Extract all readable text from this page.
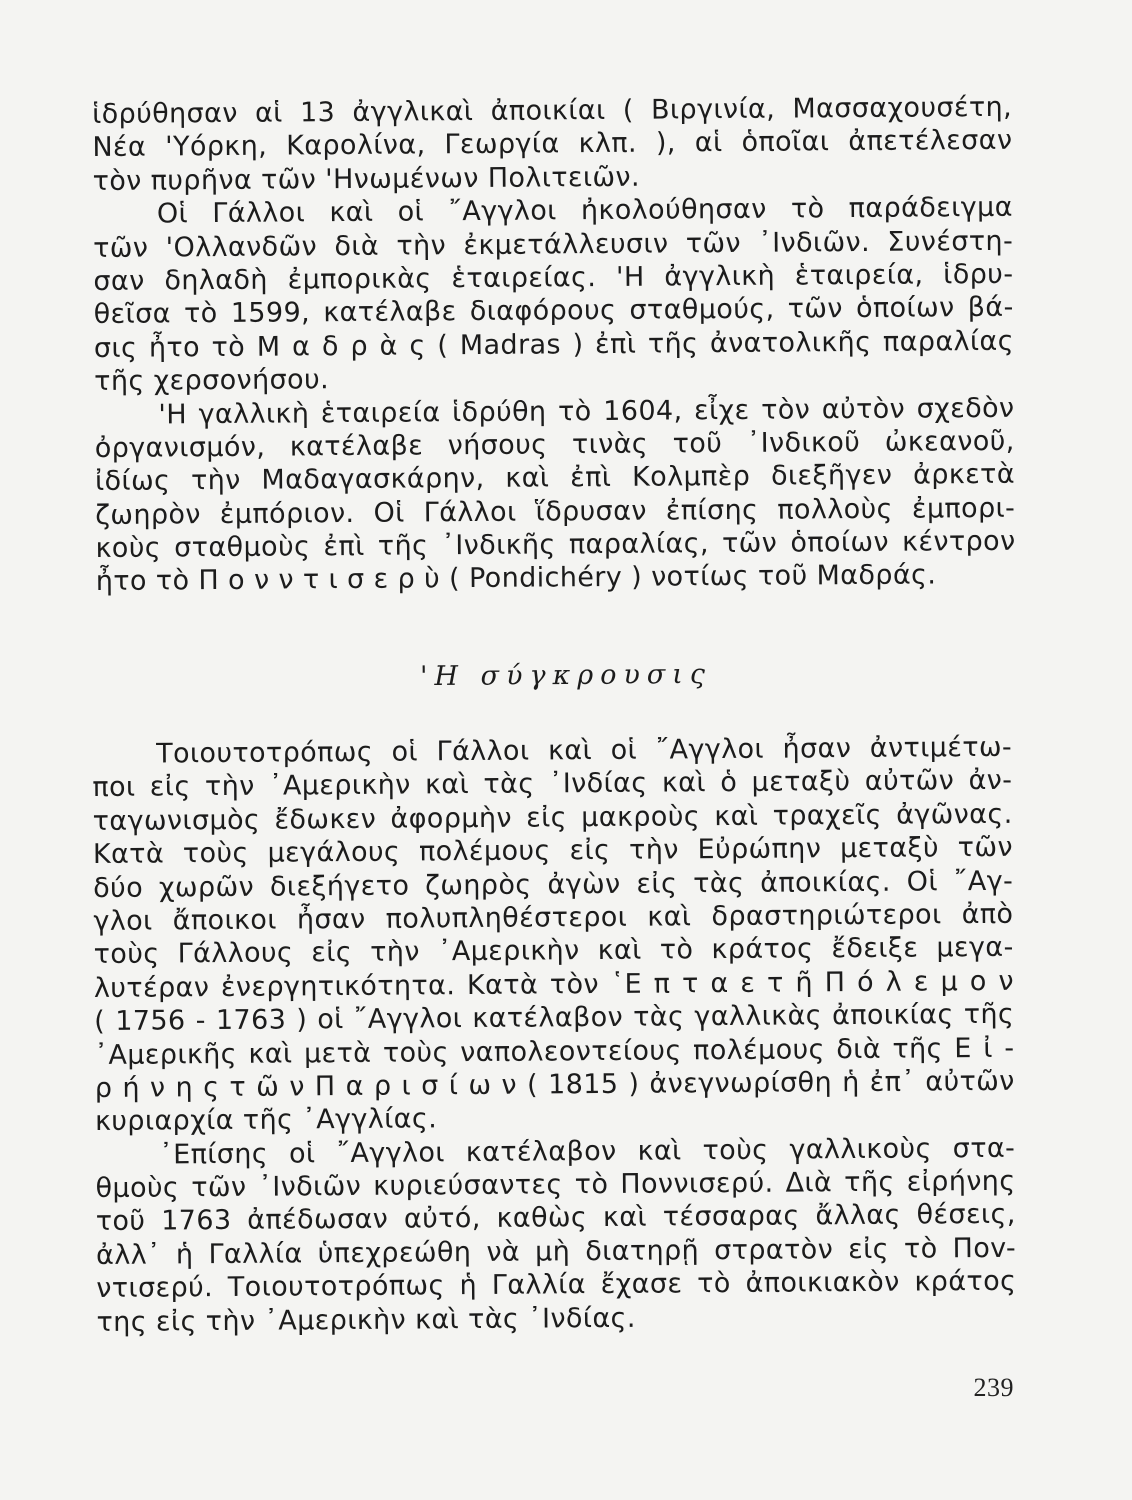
ἱδρύθησαν αἱ 13 ἀγγλικαὶ ἀποικίαι ( Βιργινία, Μασσαχουσέτη,
Νέα 'Υόρκη, Καρολίνα, Γεωργία κλπ. ), αἱ ὁποῖαι ἀπετέλεσαν
τὸν πυρῆνα τῶν 'Ηνωμένων Πολιτειῶν.
Οἱ Γάλλοι καὶ οἱ ῎Αγγλοι ἠκολούθησαν τὸ παράδειγμα
τῶν 'Ολλανδῶν διὰ τὴν ἐκμετάλλευσιν τῶν ᾽Ινδιῶν. Συνέστη-
σαν δηλαδὴ ἐμπορικὰς ἑταιρείας. 'Η ἀγγλικὴ ἑταιρεία, ἱδρυ-
θεῖσα τὸ 1599, κατέλαβε διαφόρους σταθμούς, τῶν ὁποίων βά-
σις ἦτο τὸ Μ α δ ρ ὰ ς ( Madras ) ἐπὶ τῆς ἀνατολικῆς παραλίας
τῆς χερσονήσου.
'Η γαλλικὴ ἑταιρεία ἱδρύθη τὸ 1604, εἶχε τὸν αὐτὸν σχεδὸν
ὀργανισμόν, κατέλαβε νήσους τινὰς τοῦ ᾽Ινδικοῦ ὠκεανοῦ,
ἰδίως τὴν Μαδαγασκάρην, καὶ ἐπὶ Κολμπὲρ διεξῆγεν ἀρκετὰ
ζωηρὸν ἐμπόριον. Οἱ Γάλλοι ἵδρυσαν ἐπίσης πολλοὺς ἐμπορι-
κοὺς σταθμοὺς ἐπὶ τῆς ᾽Ινδικῆς παραλίας, τῶν ὁποίων κέντρον
ἦτο τὸ Π ο ν ν τ ι σ ε ρ ὺ ( Pondichéry ) νοτίως τοῦ Μαδράς.
'Η σύγκρουσις
Τοιουτοτρόπως οἱ Γάλλοι καὶ οἱ ῎Αγγλοι ἦσαν ἀντιμέτω-
ποι εἰς τὴν ᾽Αμερικὴν καὶ τὰς ᾽Ινδίας καὶ ὁ μεταξὺ αὐτῶν ἀν-
ταγωνισμὸς ἔδωκεν ἀφορμὴν εἰς μακροὺς καὶ τραχεῖς ἀγῶνας.
Κατὰ τοὺς μεγάλους πολέμους εἰς τὴν Εὐρώπην μεταξὺ τῶν
δύο χωρῶν διεξήγετο ζωηρὸς ἀγὼν εἰς τὰς ἀποικίας. Οἱ ῎Αγ-
γλοι ἄποικοι ἦσαν πολυπληθέστεροι καὶ δραστηριώτεροι ἀπὸ
τοὺς Γάλλους εἰς τὴν ᾽Αμερικὴν καὶ τὸ κράτος ἔδειξε μεγα-
λυτέραν ἐνεργητικότητα. Κατὰ τὸν ῾Ε π τ α ε τ ῆ Π ό λ ε μ ο ν
( 1756 - 1763 ) οἱ ῎Αγγλοι κατέλαβον τὰς γαλλικὰς ἀποικίας τῆς
᾽Αμερικῆς καὶ μετὰ τοὺς ναπολεοντείους πολέμους διὰ τῆς Ε ἰ -
ρ ή ν η ς τ ῶ ν Π α ρ ι σ ί ω ν ( 1815 ) ἀνεγνωρίσθη ἡ ἐπ᾽ αὐτῶν
κυριαρχία τῆς ᾽Αγγλίας.
᾽Επίσης οἱ ῎Αγγλοι κατέλαβον καὶ τοὺς γαλλικοὺς στα-
θμοὺς τῶν ᾽Ινδιῶν κυριεύσαντες τὸ Ποννισερύ. Διὰ τῆς εἰρήνης
τοῦ 1763 ἀπέδωσαν αὐτό, καθὼς καὶ τέσσαρας ἄλλας θέσεις,
ἀλλ᾽ ἡ Γαλλία ὑπεχρεώθη νὰ μὴ διατηρῇ στρατὸν εἰς τὸ Ποv-
ντισερύ. Τοιουτοτρόπως ἡ Γαλλία ἔχασε τὸ ἀποικιακὸν κράτος
της εἰς τὴν ᾽Αμερικὴν καὶ τὰς ᾽Ινδίας.
239
